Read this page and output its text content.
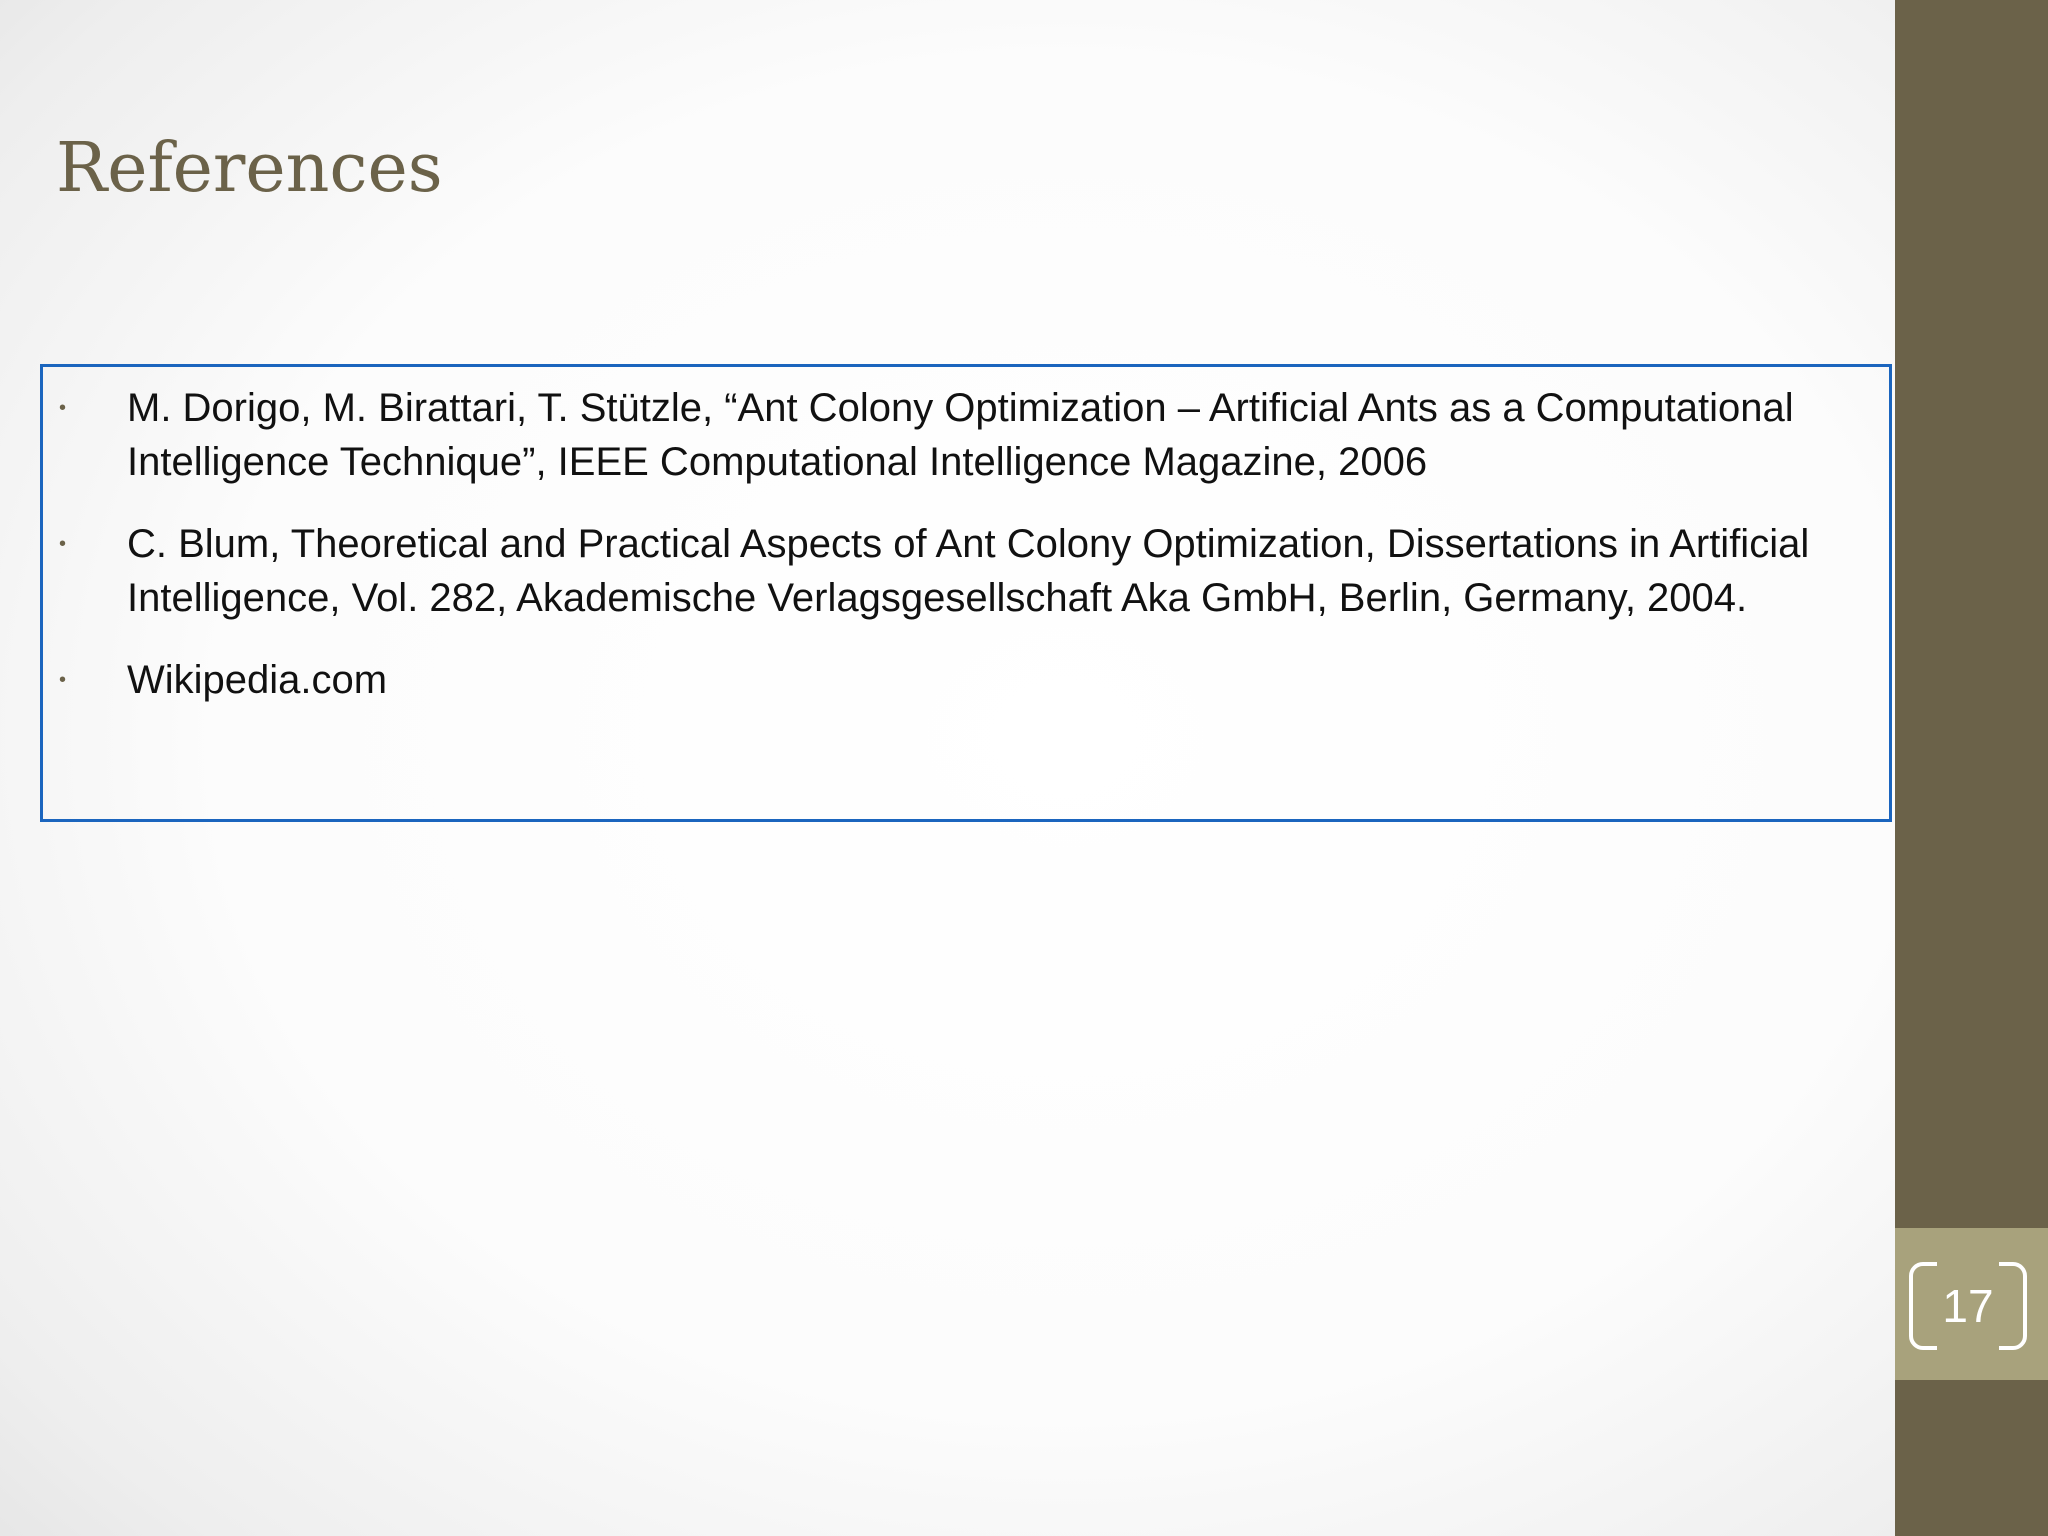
References
• M. Dorigo, M. Birattari, T. Stützle, “Ant Colony Optimization – Artificial Ants as a Computational Intelligence Technique”, IEEE Computational Intelligence Magazine, 2006
• C. Blum, Theoretical and Practical Aspects of Ant Colony Optimization, Dissertations in Artificial Intelligence, Vol. 282, Akademische Verlagsgesellschaft Aka GmbH, Berlin, Germany, 2004.
• Wikipedia.com
17
